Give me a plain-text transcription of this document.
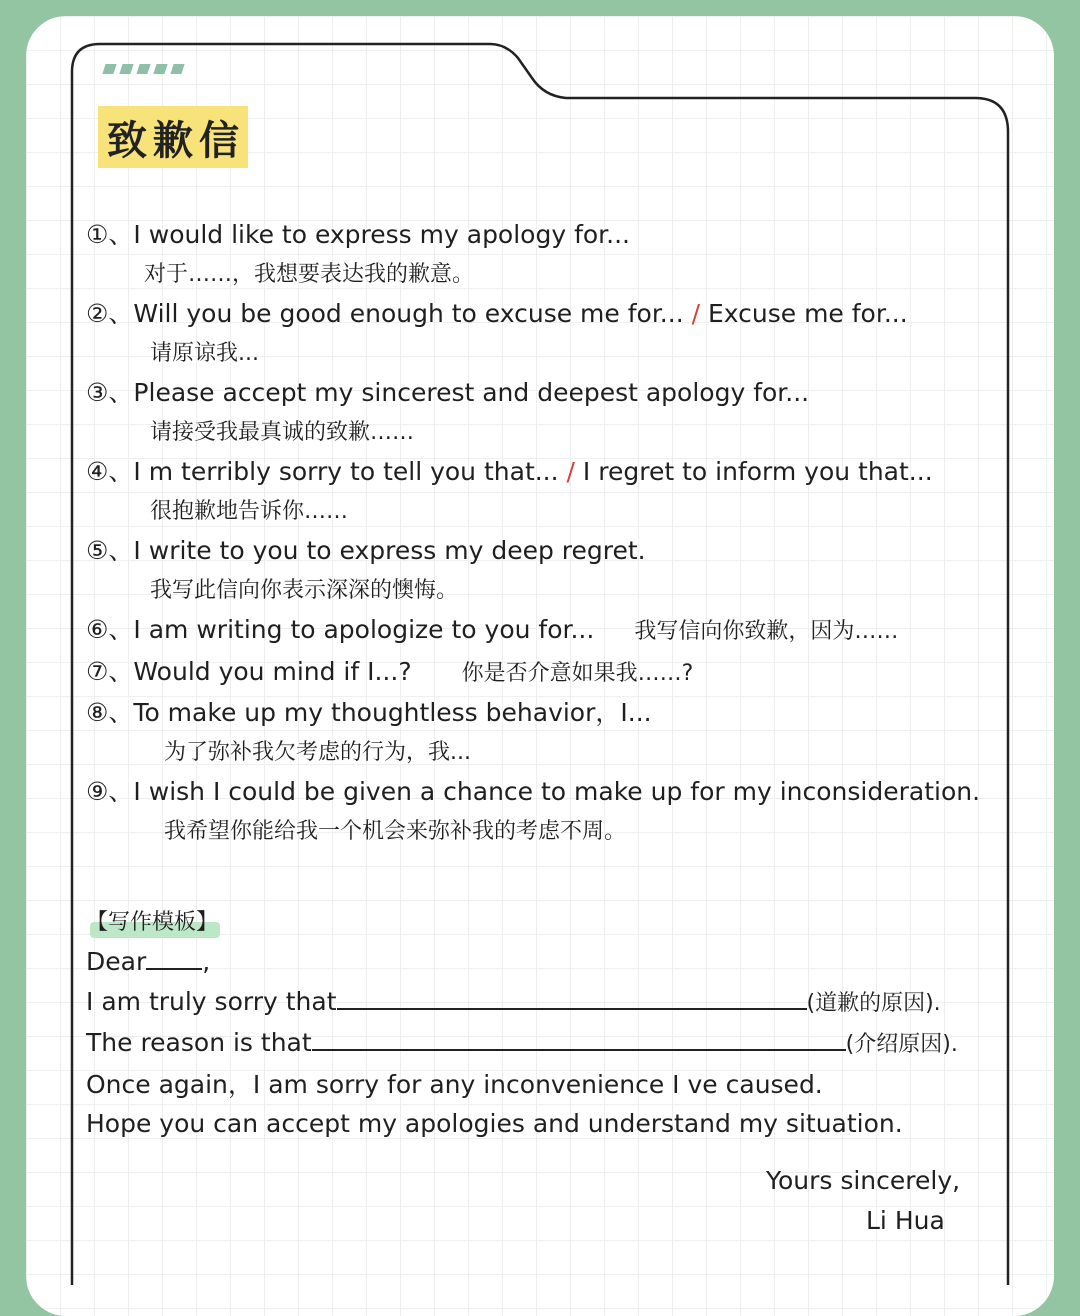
致歉信
①、I would like to express my apology for...
对于……，我想要表达我的歉意。
②、Will you be good enough to excuse me for... / Excuse me for...
请原谅我...
③、Please accept my sincerest and deepest apology for...
请接受我最真诚的致歉……
④、I m terribly sorry to tell you that... / I regret to inform you that...
很抱歉地告诉你……
⑤、I write to you to express my deep regret.
我写此信向你表示深深的懊悔。
⑥、I am writing to apologize to you for... 我写信向你致歉，因为……
⑦、Would you mind if I...? 你是否介意如果我……?
⑧、To make up my thoughtless behavior，I...
为了弥补我欠考虑的行为，我...
⑨、I wish I could be given a chance to make up for my inconsideration.
我希望你能给我一个机会来弥补我的考虑不周。
【写作模板】
Dear ,
I am truly sorry that	(道歉的原因).
The reason is that	(介绍原因).
Once again，I am sorry for any inconvenience I ve caused.
Hope you can accept my apologies and understand my situation.
Yours sincerely,
Li Hua
